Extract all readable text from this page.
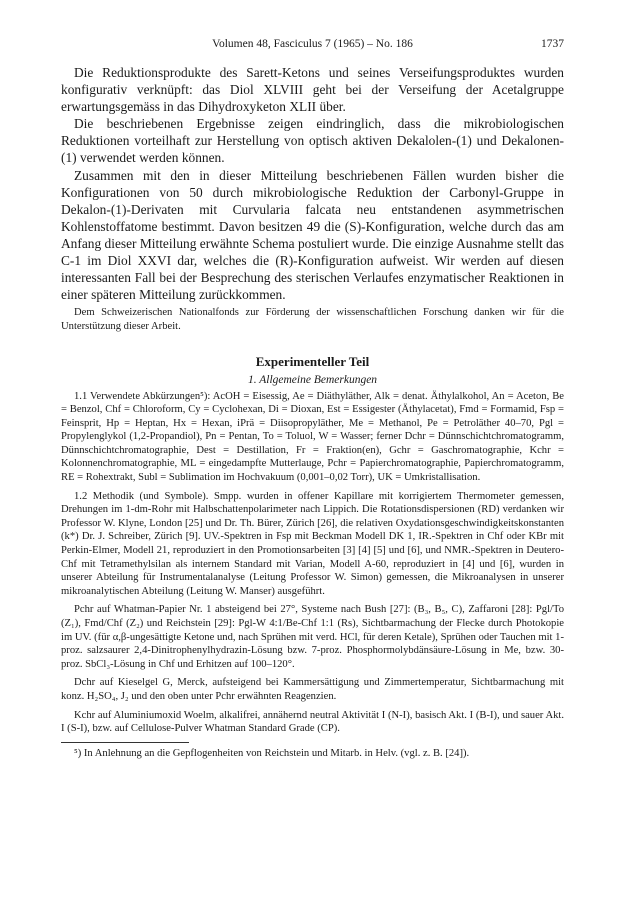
Volumen 48, Fasciculus 7 (1965) – No. 186	1737

Die Reduktionsprodukte des Sarett-Ketons und seines Verseifungsproduktes wurden konfigurativ verknüpft: das Diol XLVIII geht bei der Verseifung der Acetalgruppe erwartungsgemäss in das Dihydroxyketon XLII über.

Die beschriebenen Ergebnisse zeigen eindringlich, dass die mikrobiologischen Reduktionen vorteilhaft zur Herstellung von optisch aktiven Dekalolen-(1) und Dekalonen-(1) verwendet werden können.

Zusammen mit den in dieser Mitteilung beschriebenen Fällen wurden bisher die Konfigurationen von 50 durch mikrobiologische Reduktion der Carbonyl-Gruppe in Dekalon-(1)-Derivaten mit Curvularia falcata neu entstandenen asymmetrischen Kohlenstoffatome bestimmt. Davon besitzen 49 die (S)-Konfiguration, welche durch das am Anfang dieser Mitteilung erwähnte Schema postuliert wurde. Die einzige Ausnahme stellt das C-1 im Diol XXVI dar, welches die (R)-Konfiguration aufweist. Wir werden auf diesen interessanten Fall bei der Besprechung des sterischen Verlaufes enzymatischer Reaktionen in einer späteren Mitteilung zurückkommen.

Dem Schweizerischen Nationalfonds zur Förderung der wissenschaftlichen Forschung danken wir für die Unterstützung dieser Arbeit.

Experimenteller Teil
1. Allgemeine Bemerkungen

1.1 Verwendete Abkürzungen⁵): AcOH = Eisessig, Ae = Diäthyläther, Alk = denat. Äthylalkohol, An = Aceton, Be = Benzol, Chf = Chloroform, Cy = Cyclohexan, Di = Dioxan, Est = Essigester (Äthylacetat), Fmd = Formamid, Fsp = Feinsprit, Hp = Heptan, Hx = Hexan, iPrä = Diisopropyläther, Me = Methanol, Pe = Petroläther 40–70, Pgl = Propylenglykol (1,2-Propandiol), Pn = Pentan, To = Toluol, W = Wasser; ferner Dchr = Dünnschichtchromatogramm, Dünnschichtchromatographie, Dest = Destillation, Fr = Fraktion(en), Gchr = Gaschromatographie, Kchr = Kolonnenchromatographie, ML = eingedampfte Mutterlauge, Pchr = Papierchromatographie, Papierchromatogramm, RE = Rohextrakt, Subl = Sublimation im Hochvakuum (0,001–0,02 Torr), UK = Umkristallisation.

1.2 Methodik (und Symbole). Smpp. wurden in offener Kapillare mit korrigiertem Thermometer gemessen, Drehungen im 1-dm-Rohr mit Halbschattenpolarimeter nach Lippich. Die Rotationsdispersionen (RD) verdanken wir Professor W. Klyne, London [25] und Dr. Th. Bürer, Zürich [26], die relativen Oxydationsgeschwindigkeitskonstanten (k*) Dr. J. Schreiber, Zürich [9]. UV.-Spektren in Fsp mit Beckman Modell DK 1, IR.-Spektren in Chf oder KBr mit Perkin-Elmer, Modell 21, reproduziert in den Promotionsarbeiten [3] [4] [5] und [6], und NMR.-Spektren in Deutero-Chf mit Tetramethylsilan als internem Standard mit Varian, Modell A-60, reproduziert in [4] und [6], wurden in unserer Abteilung für Instrumentalanalyse (Leitung Professor W. Simon) gemessen, die Mikroanalysen in unserer mikroanalytischen Abteilung (Leitung W. Manser) ausgeführt.

Pchr auf Whatman-Papier Nr. 1 absteigend bei 27°, Systeme nach Bush [27]: (B₃, B₅, C), Zaffaroni [28]: Pgl/To (Z₁), Fmd/Chf (Z₂) und Reichstein [29]: Pgl-W 4:1/Be-Chf 1:1 (Rs), Sichtbarmachung der Flecke durch Photokopie im UV. (für α,β-ungesättigte Ketone und, nach Sprühen mit verd. HCl, für deren Ketale), Sprühen oder Tauchen mit 1-proz. salzsaurer 2,4-Dinitrophenylhydrazin-Lösung bzw. 7-proz. Phosphormolybdänsäure-Lösung in Me, bzw. 30-proz. SbCl₃-Lösung in Chf und Erhitzen auf 100–120°.

Dchr auf Kieselgel G, Merck, aufsteigend bei Kammersättigung und Zimmertemperatur, Sichtbarmachung mit konz. H₂SO₄, J₂ und den oben unter Pchr erwähnten Reagenzien.

Kchr auf Aluminiumoxid Woelm, alkalifrei, annähernd neutral Aktivität I (N-I), basisch Akt. I (B-I), und sauer Akt. I (S-I), bzw. auf Cellulose-Pulver Whatman Standard Grade (CP).

⁵) In Anlehnung an die Gepflogenheiten von Reichstein und Mitarb. in Helv. (vgl. z. B. [24]).
